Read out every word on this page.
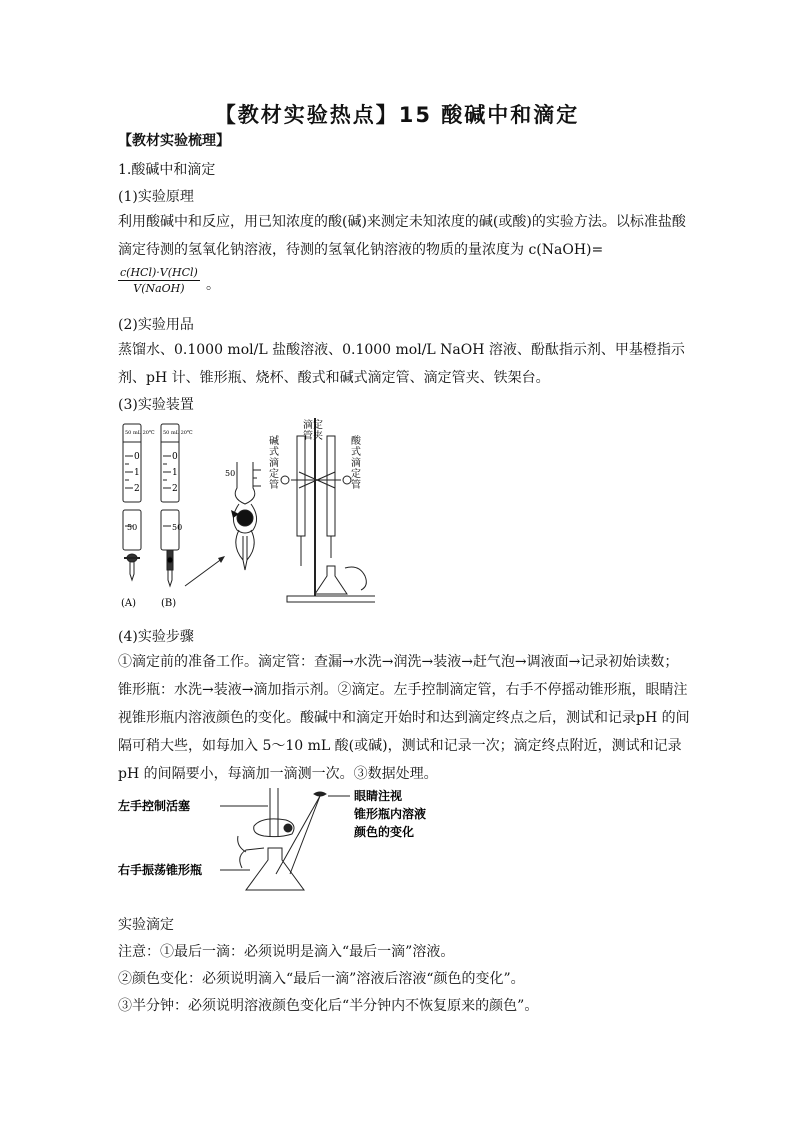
【教材实验热点】15 酸碱中和滴定
【教材实验梳理】
1.酸碱中和滴定
(1)实验原理
利用酸碱中和反应，用已知浓度的酸(碱)来测定未知浓度的碱(或酸)的实验方法。以标准盐酸滴定待测的氢氧化钠溶液，待测的氢氧化钠溶液的物质的量浓度为 c(NaOH)=
c(HCl)·V(HCl)
V(NaOH)	。
(2)实验用品
蒸馏水、0.1000 mol/L 盐酸溶液、0.1000 mol/L NaOH 溶液、酚酞指示剂、甲基橙指示剂、pH 计、锥形瓶、烧杯、酸式和碱式滴定管、滴定管夹、铁架台。
(3)实验装置
50 mL 20℃ 50 mL 20℃
0
1
2
0
1
2
50	50
(A) (B)
50
碱 式 滴 定 管
酸 式 滴 定 管
滴定 管夹
(4)实验步骤
①滴定前的准备工作。滴定管：查漏→水洗→润洗→装液→赶气泡→调液面→记录初始读数；锥形瓶：水洗→装液→滴加指示剂。②滴定。左手控制滴定管，右手不停摇动锥形瓶，眼睛注视锥形瓶内溶液颜色的变化。酸碱中和滴定开始时和达到滴定终点之后，测试和记录pH 的间隔可稍大些，如每加入 5～10 mL 酸(或碱)，测试和记录一次；滴定终点附近，测试和记录 pH 的间隔要小，每滴加一滴测一次。③数据处理。
左手控制活塞
右手振荡锥形瓶
眼睛注视
锥形瓶内溶液
颜色的变化
实验滴定
注意：①最后一滴：必须说明是滴入“最后一滴”溶液。
②颜色变化：必须说明滴入“最后一滴”溶液后溶液“颜色的变化”。
③半分钟：必须说明溶液颜色变化后“半分钟内不恢复原来的颜色”。
